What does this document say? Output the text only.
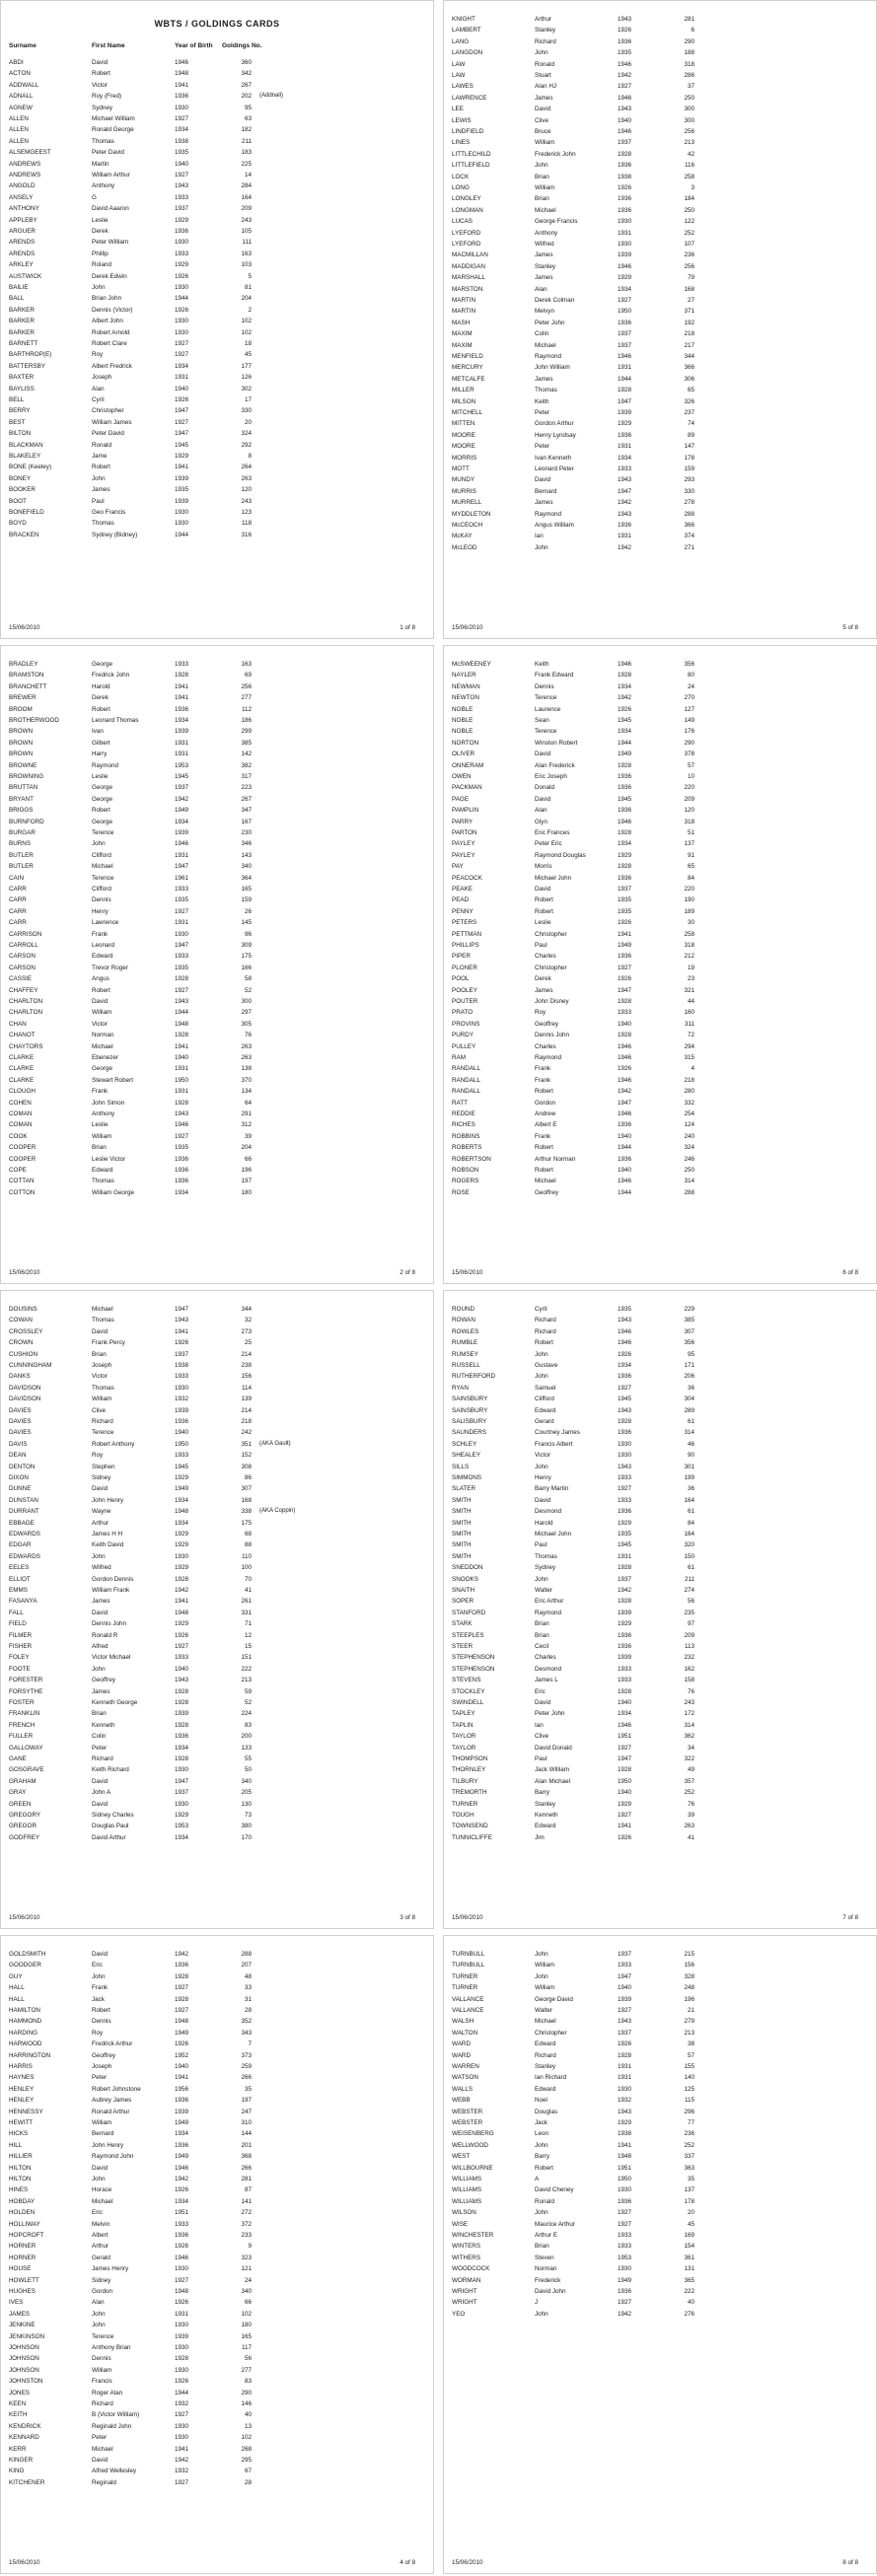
WBTS / GOLDINGS CARDS
Surname	First Name	Year of Birth Goldings No.
ABDI	David	1946	360
ACTON	Robert	1948	342
ADDWALL	Victor	1941	267
ADNALL	Roy (Fred)	1936	202 (Addnall)
AGNEW	Sydney	1930	95
ALLEN	Michael William	1927	63
ALLEN	Ronald George	1934	182
ALLEN	Thomas	1938	211
ALSEMGEEST	Peter David	1935	183
ANDREWS	Martin	1940	225
ANDREWS	William Arthur	1927	14
ANGOLD	Anthony	1943	284
ANSELY	G	1933	164
ANTHONY	David Aaaron	1937	209
APPLEBY	Leslie	1929	243
ARGUER	Derek	1936	105
ARENDS	Peter William	1930	111
ARENDS	Phillip	1933	163
ARKLEY	Roland	1929	103
AUSTWICK	Derek Edwin	1926	5
BAILIE	John	1930	81
BALL	Brian John	1944	204
BARKER	Dennis (Victor)	1926	2
BARKER	Albert John	1930	102
BARKER	Robert Arnold	1930	102
BARNETT	Robert Clare	1927	18
BARTHROP(E)	Roy	1927	45
BATTERSBY	Albert Fredrick	1934	177
BAXTER	Joseph	1931	126
BAYLISS	Alan	1940	302
BELL	Cyril	1926	17
BERRY	Christopher	1947	330
BEST	William James	1927	20
BILTON	Peter David	1947	324
BLACKMAN	Ronald	1945	292
BLAKELEY	Jame	1929	8
BONE (Keeley)	Robert	1941	264
BONEY	John	1939	263
BOOKER	James	1935	120
BOOT	Paul	1939	243
BONEFIELD	Geo Francis	1930	123
BOYD	Thomas	1930	118
BRACKEN	Sydney (Bidney)	1944	316
15/06/2010	1 of 8
KNIGHT	Arthur	1943	281
LAMBERT	Stanley	1926	6
LANG	Richard	1936	290
LANGDON	John	1935	188
LAW	Ronald	1946	318
LAW	Stuart	1942	286
LAWES	Alan HJ	1927	37
LAWRENCE	James	1946	250
LEE	David	1943	300
LEWIS	Clive	1940	300
LINDFIELD	Bruce	1946	256
LINES	William	1937	213
LITTLECHILD	Frederick John	1928	42
LITTLEFIELD	John	1936	116
LOCK	Brian	1938	258
LONG	William	1926	3
LONGLEY	Brian	1936	184
LONGMAN	Michael	1936	250
LUCAS	George Francis	1930	122
LYEFORD	Anthony	1931	252
LYEFORD	Wilfred	1930	107
MACMILLAN	James	1939	236
MADDIGAN	Stanley	1946	256
MARSHALL	James	1929	79
MARSTON	Alan	1934	168
MARTIN	Derek Colman	1927	27
MARTIN	Melvyn	1950	371
MASH	Peter John	1936	192
MAXIM	Colin	1937	218
MAXIM	Michael	1937	217
MENFIELD	Raymond	1946	344
MERCURY	John William	1931	366
METCALFE	James	1944	306
MILLER	Thomas	1928	65
MILSON	Keith	1947	326
MITCHELL	Peter	1939	237
MITTEN	Gordon Arthur	1929	74
MOORE	Henry Lyndsay	1936	89
MOORE	Peter	1931	147
MORRIS	Ivan Kenneth	1934	178
MOTT	Leonard Peter	1933	159
MUNDY	David	1943	293
MURRIS	Bernard	1947	330
MURRELL	James	1942	278
MYDDLETON	Raymond	1943	288
McCEOCH	Angus William	1936	366
McKAY	Ian	1931	374
McLEOD	John	1942	271
15/06/2010	5 of 8
BRADLEY	George	1933	163
BRAMSTON	Fredrick John	1928	69
BRANCHETT	Harold	1941	256
BREWER	Derek	1941	277
BROOM	Robert	1936	112
BROTHERWOOD	Leonard Thomas	1934	186
BROWN	Ivan	1939	299
BROWN	Gilbert	1931	385
BROWN	Harry	1931	142
BROWNE	Raymond	1953	382
BROWNING	Leslie	1945	317
BRUTTAN	George	1937	223
BRYANT	George	1942	267
BRIGGS	Robert	1949	347
BURNFORD	George	1934	167
BURGAR	Terence	1939	230
BURNS	John	1946	346
BUTLER	Clifford	1931	143
BUTLER	Michael	1947	340
CAIN	Terence	1961	364
CARR	Clifford	1933	165
CARR	Dennis	1935	159
CARR	Henry	1927	26
CARR	Lawrence	1931	145
CARRISON	Frank	1930	96
CARROLL	Leonard	1947	309
CARSON	Edward	1933	175
CARSON	Trevor Roger	1935	166
CASSIE	Angus	1928	58
CHAFFEY	Robert	1927	52
CHARLTON	David	1943	300
CHARLTON	William	1944	297
CHAN	Victor	1948	305
CHANOT	Norman	1928	76
CHAYTORS	Michael	1941	263
CLARKE	Ebenezer	1940	263
CLARKE	George	1931	138
CLARKE	Stewart Robert	1950	370
CLOUGH	Frank	1931	134
COHEN	John Simon	1928	64
COMAN	Anthony	1943	291
COMAN	Leslie	1946	312
COOK	William	1927	39
COOPER	Brian	1935	204
COOPER	Leslie Victor	1936	66
COPE	Edward	1936	196
COTTAN	Thomas	1936	197
COTTON	William George	1934	180
15/06/2010	2 of 8
McSWEENEY	Keith	1946	356
NAYLER	Frank Edward	1928	80
NEWMAN	Dennis	1934	24
NEWTON	Terence	1942	270
NOBLE	Laurence	1926	127
NOBLE	Sean	1945	149
NOBLE	Terence	1934	176
NORTON	Winston Robert	1944	290
OLIVER	David	1949	378
ONNERAM	Alan Frederick	1928	57
OWEN	Eric Joseph	1936	10
PACKMAN	Donald	1936	220
PAGE	David	1945	209
PAMPLIN	Alan	1936	120
PARRY	Glyn	1946	318
PARTON	Eric Frances	1928	51
PAYLEY	Peter Eric	1934	137
PAYLEY	Raymond Douglas	1929	91
PAY	Morris	1928	65
PEACOCK	Michael John	1936	84
PEAKE	David	1937	220
PEAD	Robert	1935	190
PENNY	Robert	1935	189
PETERS	Leslie	1926	30
PETTMAN	Christopher	1941	258
PHILLIPS	Paul	1949	318
PIPER	Charles	1936	212
PLONER	Christopher	1927	19
POOL	Derek	1926	23
POOLEY	James	1947	321
POUTER	John Disney	1928	44
PRATO	Roy	1933	160
PROVINS	Geoffrey	1940	311
PURDY	Dennis John	1928	72
PULLEY	Charles	1946	294
RAM	Raymond	1946	315
RANDALL	Frank	1926	4
RANDALL	Frank	1946	218
RANDALL	Robert	1942	280
RATT	Gordon	1947	332
REDDIE	Andrew	1946	254
RICHES	Albert E	1936	124
ROBBINS	Frank	1940	240
ROBERTS	Robert	1944	324
ROBERTSON	Arthur Norman	1936	246
ROBSON	Robert	1940	250
ROGERS	Michael	1946	314
ROSE	Geoffrey	1944	288
15/06/2010	6 of 8
DOUSINS	Michael	1947	344
COWAN	Thomas	1943	32
CROSSLEY	David	1941	273
CROWN	Frank Percy	1926	25
CUSHION	Brian	1937	214
CUNNINGHAM	Joseph	1938	238
DANKS	Victor	1933	156
DAVIDSON	Thomas	1930	114
DAVIDSON	William	1932	139
DAVIES	Clive	1939	214
DAVIES	Richard	1936	218
DAVIES	Terence	1940	242
DAVIS	Robert Anthony	1950	351 (AKA Gault)
DEAN	Roy	1933	152
DENTON	Stephen	1945	308
DIXON	Sidney	1929	86
DUNNE	David	1949	307
DUNSTAN	John Henry	1934	168
DURRANT	Wayne	1948	338 (AKA Coppin)
EBBAGE	Arthur	1934	175
EDWARDS	James H H	1929	68
EDGAR	Keith David	1929	88
EDWARDS	John	1930	110
EELES	Wilfred	1929	100
ELLIOT	Gordon Dennis	1928	70
EMMS	William Frank	1942	41
FASANYA	James	1941	261
FALL	David	1948	331
FIELD	Dennis John	1929	71
FILMER	Ronald R	1926	12
FISHER	Alfred	1927	15
FOLEY	Victor Michael	1933	151
FOOTE	John	1940	222
FORESTER	Geoffrey	1943	213
FORSYTHE	James	1928	59
FOSTER	Kenneth George	1928	52
FRANKLIN	Brian	1939	224
FRENCH	Kenneth	1928	83
FULLER	Colin	1936	200
GALLOWAY	Peter	1934	133
GANE	Richard	1928	55
GOSGRAVE	Keith Richard	1930	50
GRAHAM	David	1947	340
GRAY	John A	1937	205
GREEN	David	1930	130
GREGORY	Sidney Charles	1929	73
GREGOR	Douglas Paul	1953	380
GODFREY	David Arthur	1934	170
15/06/2010	3 of 8
ROUND	Cyril	1935	229
ROWAN	Richard	1943	385
ROWLES	Richard	1946	307
RUMBLE	Robert	1946	356
RUMSEY	John	1926	95
RUSSELL	Gustave	1934	171
RUTHERFORD	John	1936	206
RYAN	Samuel	1927	36
SAINSBURY	Clifford	1945	304
SAINSBURY	Edward	1943	289
SALISBURY	Gerard	1928	61
SAUNDERS	Courtney James	1936	314
SCHLEY	Francis Albert	1930	46
SHEALEY	Victor	1930	90
SILLS	John	1943	301
SIMMONS	Henry	1933	199
SLATER	Barry Martin	1927	36
SMITH	David	1933	164
SMITH	Desmond	1936	61
SMITH	Harold	1929	84
SMITH	Michael John	1935	164
SMITH	Paul	1945	320
SMITH	Thomas	1931	150
SNEDDON	Sydney	1928	61
SNOOKS	John	1937	211
SNAITH	Walter	1942	274
SOPER	Eric Arthur	1928	56
STANFORD	Raymond	1939	235
STARK	Brian	1929	97
STEEPLES	Brian	1936	209
STEER	Cecil	1936	113
STEPHENSON	Charles	1939	232
STEPHENSON	Desmond	1933	162
STEVENS	James L	1933	158
STOCKLEY	Eric	1928	76
SWINDELL	David	1940	243
TAPLEY	Peter John	1934	172
TAPLIN	Ian	1946	314
TAYLOR	Clive	1951	362
TAYLOR	David Donald	1927	34
THOMPSON	Paul	1947	322
THORNLEY	Jack William	1928	49
TILBURY	Alan Michael	1950	357
TREMORTH	Barry	1940	252
TURNER	Stanley	1929	76
TOUGH	Kenneth	1927	39
TOWNSEND	Edward	1941	263
TUNNICLIFFE	Jim	1926	41
15/06/2010	7 of 8
GOLDSMITH	David	1942	288
GOODGER	Eric	1936	207
GUY	John	1928	48
HALL	Frank	1927	33
HALL	Jack	1928	31
HAMILTON	Robert	1927	28
HAMMOND	Dennis	1948	352
HARDING	Roy	1949	343
HARWOOD	Fredrick Arthur	1926	7
HARRINGTON	Geoffrey	1952	373
HARRIS	Joseph	1940	259
HAYNES	Peter	1941	266
HENLEY	Robert Johnstone	1956	35
HENLEY	Aubrey James	1936	197
HENNESSY	Ronald Arthur	1939	247
HEWITT	William	1949	310
HICKS	Bernard	1934	144
HILL	John Henry	1936	201
HILLIER	Raymond John	1949	368
HILTON	David	1946	266
HILTON	John	1942	281
HINES	Horace	1926	87
HOBDAY	Michael	1934	141
HOLDEN	Eric	1951	272
HOLLIWAY	Melvin	1933	372
HOPCROFT	Albert	1936	233
HORNER	Arthur	1926	9
HORNER	Gerald	1946	323
HOUSE	James Henry	1930	121
HOWLETT	Sidney	1927	24
HUGHES	Gordon	1948	340
IVES	Alan	1926	66
JAMES	John	1931	102
JENKINE	John	1930	180
JENKINSON	Terence	1939	165
JOHNSON	Anthony Brian	1930	117
JOHNSON	Dennis	1928	56
JOHNSON	William	1930	277
JOHNSTON	Francis	1926	83
JONES	Roger Alan	1944	290
KEEN	Richard	1932	146
KEITH	B (Victor William)	1927	40
KENDRICK	Reginald John	1930	13
KENNARD	Peter	1930	102
KERR	Michael	1941	268
KINGER	David	1942	295
KING	Alfred Wellesley	1932	67
KITCHENER	Reginald	1927	28
15/06/2010	4 of 8
TURNBULL	John	1937	215
TURNBULL	William	1933	156
TURNER	John	1947	328
TURNER	William	1940	248
VALLANCE	George David	1939	196
VALLANCE	Walter	1927	21
WALSH	Michael	1943	279
WALTON	Christopher	1937	213
WARD	Edward	1926	38
WARD	Richard	1928	57
WARREN	Stanley	1931	155
WATSON	Ian Richard	1931	140
WALLS	Edward	1930	125
WEBB	Noel	1932	115
WEBSTER	Douglas	1943	296
WEBSTER	Jack	1929	77
WEISENBERG	Leon	1938	236
WELLWOOD	John	1941	252
WEST	Barry	1948	337
WILLBOURNE	Robert	1951	363
WILLIAMS	A	1950	35
WILLIAMS	David Cheney	1930	137
WILLIAMS	Ronald	1936	178
WILSON	John	1927	20
WISE	Maurice Arthur	1927	45
WINCHESTER	Arthur E	1933	169
WINTERS	Brian	1933	154
WITHERS	Steven	1953	361
WOODCOCK	Norman	1930	131
WORMAN	Frederick	1949	365
WRIGHT	David John	1936	222
WRIGHT	J	1927	40
YEO	John	1942	276
15/06/2010	8 of 8
